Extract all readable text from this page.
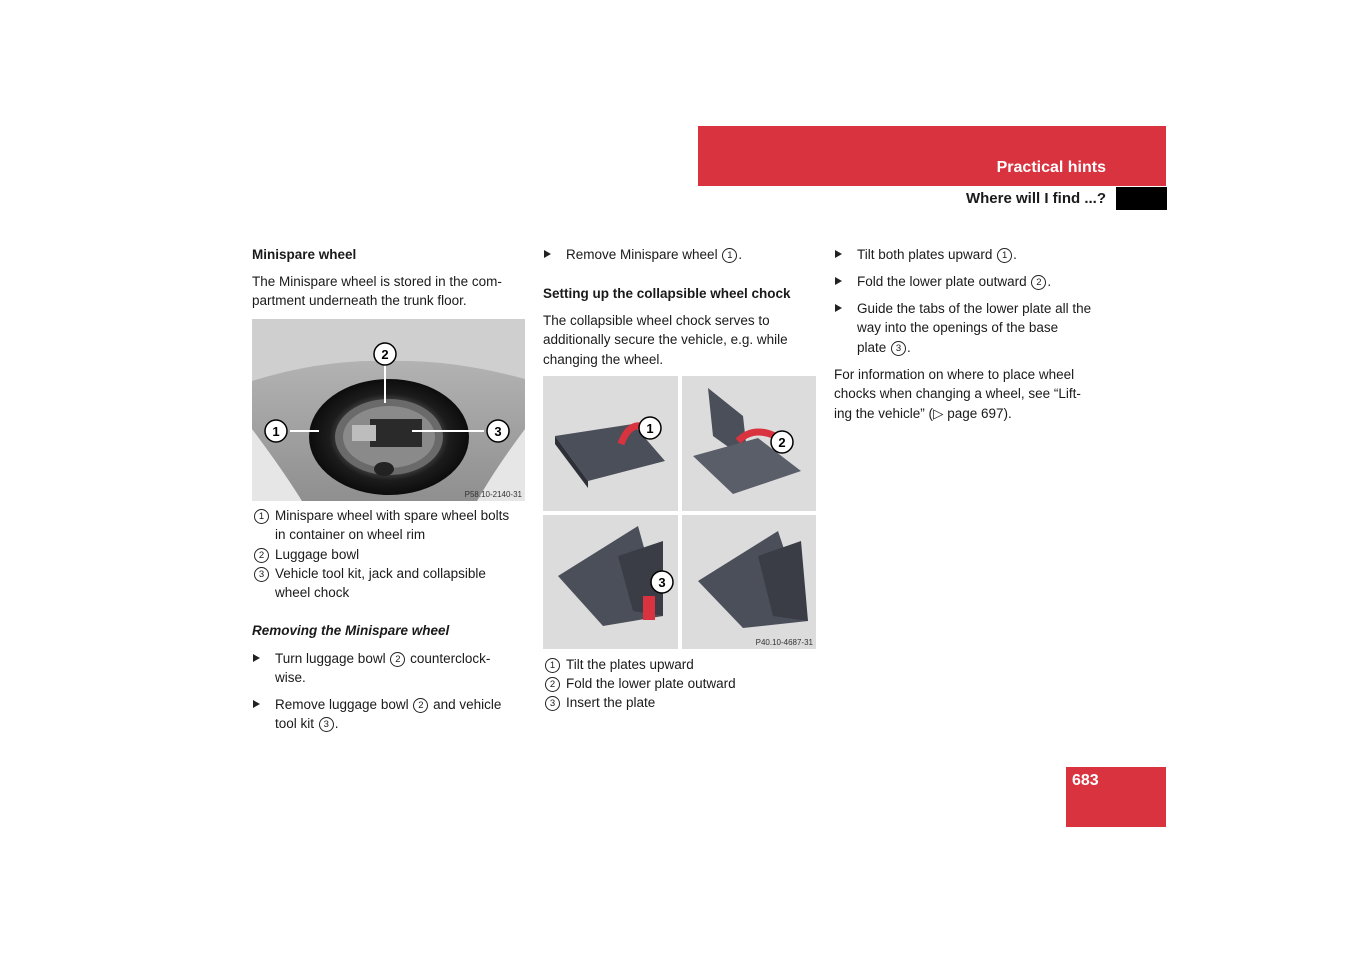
Practical hints
Where will I find ...?
Minispare wheel
The Minispare wheel is stored in the com-
partment underneath the trunk floor.
1
2
3
P58.10-2140-31
1 Minispare wheel with spare wheel bolts
in container on wheel rim
2 Luggage bowl
3 Vehicle tool kit, jack and collapsible
wheel chock
Removing the Minispare wheel
Turn luggage bowl 2 counterclock-
wise.
Remove luggage bowl 2 and vehicle
tool kit 3 .
Remove Minispare wheel 1 .
Setting up the collapsible wheel chock
The collapsible wheel chock serves to
additionally secure the vehicle, e.g. while
changing the wheel.
1
2
3
P40.10-4687-31
1 Tilt the plates upward
2 Fold the lower plate outward
3 Insert the plate
Tilt both plates upward 1 .
Fold the lower plate outward 2 .
Guide the tabs of the lower plate all the
way into the openings of the base
plate 3 .
For information on where to place wheel
chocks when changing a wheel, see “Lift-
ing the vehicle” (▷ page 697).
683
